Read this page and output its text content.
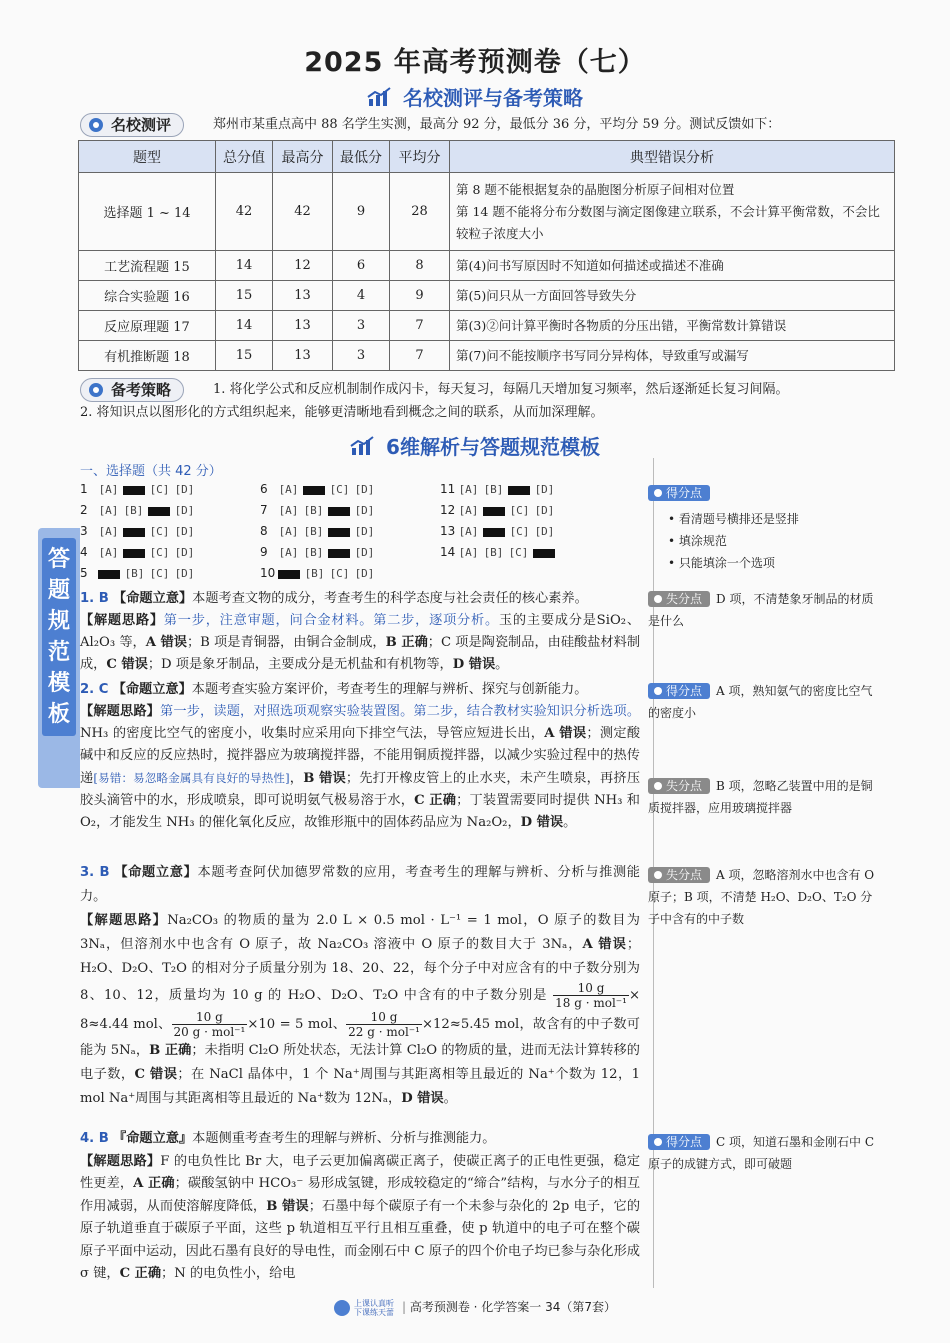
2025 年高考预测卷（七）
名校测评与备考策略
名校测评	郑州市某重点高中 88 名学生实测，最高分 92 分，最低分 36 分，平均分 59 分。测试反馈如下：
题型	总分值	最高分	最低分	平均分	典型错误分析
选择题 1 ~ 14	42	42	9	28	第 8 题不能根据复杂的晶胞图分析原子间相对位置
第 14 题不能将分布分数图与滴定图像建立联系，不会计算平衡常数，不会比较粒子浓度大小

工艺流程题 15	14	12	6	8	第(4)问书写原因时不知道如何描述或描述不准确
综合实验题 16	15	13	4	9	第(5)问只从一方面回答导致失分
反应原理题 17	14	13	3	7	第(3)②问计算平衡时各物质的分压出错，平衡常数计算错误
有机推断题 18	15	13	3	7	第(7)问不能按顺序书写同分异构体，导致重写或漏写
备考策略	1. 将化学公式和反应机制制作成闪卡，每天复习，每隔几天增加复习频率，然后逐渐延长复习间隔。
2. 将知识点以图形化的方式组织起来，能够更清晰地看到概念之间的联系，从而加深理解。
6维解析与答题规范模板
答题规范模板
一、选择题（共 42 分）
1 [A]	[C] [D]	6 [A]	[C] [D]	11 [A] [B]	[D]
2 [A] [B]	[D]	7 [A] [B]	[D]	12 [A]	[C] [D]
3 [A]	[C] [D]	8 [A] [B]	[D]	13 [A]	[C] [D]
4 [A]	[C] [D]	9 [A] [B]	[D]	14 [A] [B] [C]
5	[B] [C] [D]	10	[B] [C] [D]
得分点
• 看清题号横排还是竖排
• 填涂规范
• 只能填涂一个选项
1. B 【命题立意】本题考查文物的成分，考查考生的科学态度与社会责任的核心素养。
【解题思路】第一步，注意审题，问合金材料。第二步，逐项分析。玉的主要成分是SiO₂、Al₂O₃ 等，A 错误；B 项是青铜器，由铜合金制成，B 正确；C 项是陶瓷制品，由硅酸盐材料制成，C 错误；D 项是象牙制品，主要成分是无机盐和有机物等，D 错误。
失分点 D 项，不清楚象牙制品的材质是什么
2. C 【命题立意】本题考查实验方案评价，考查考生的理解与辨析、探究与创新能力。
【解题思路】第一步，读题，对照选项观察实验装置图。第二步，结合教材实验知识分析选项。NH₃ 的密度比空气的密度小，收集时应采用向下排空气法，导管应短进长出，A 错误；测定酸碱中和反应的反应热时，搅拌器应为玻璃搅拌器，不能用铜质搅拌器，以减少实验过程中的热传递[易错：易忽略金属具有良好的导热性]，B 错误；先打开橡皮管上的止水夹，未产生喷泉，再挤压胶头滴管中的水，形成喷泉，即可说明氨气极易溶于水，C 正确；丁装置需要同时提供 NH₃ 和 O₂，才能发生 NH₃ 的催化氧化反应，故锥形瓶中的固体药品应为 Na₂O₂，D 错误。
得分点 A 项，熟知氨气的密度比空气的密度小
失分点 B 项，忽略乙装置中用的是铜质搅拌器，应用玻璃搅拌器
3. B 【命题立意】本题考查阿伏加德罗常数的应用，考查考生的理解与辨析、分析与推测能力。
【解题思路】Na₂CO₃ 的物质的量为 2.0 L × 0.5 mol · L⁻¹ = 1 mol，O 原子的数目为 3Nₐ，但溶剂水中也含有 O 原子，故 Na₂CO₃ 溶液中 O 原子的数目大于 3Nₐ，A 错误；H₂O、D₂O、T₂O 的相对分子质量分别为 18、20、22，每个分子中对应含有的中子数分别为 8、10、12，质量均为 10 g 的 H₂O、D₂O、T₂O 中含有的中子数分别是 $\frac{10 g}{\text{18 g · mol⁻¹}} \times 8\approx 4.44$ mol、 $\frac{10 g}{\text{20 g · mol⁻¹}} \times 10 = 5$ mol、 $\frac{10 g}{\text{22 g · mol⁻¹}} \times 12\approx 5.45$ mol，故含有的中子数可能为 5Nₐ，B 正确；未指明 Cl₂O 所处状态，无法计算 Cl₂O 的物质的量，进而无法计算转移的电子数，C 错误；在 NaCl 晶体中，1 个 Na⁺周围与其距离相等且最近的 Na⁺个数为 12，1 mol Na⁺周围与其距离相等且最近的 Na⁺数为 12Nₐ，D 错误。
失分点 A 项，忽略溶剂水中也含有 O 原子；B 项，不清楚 H₂O、D₂O、T₂O 分子中含有的中子数
4. B 『命题立意』本题侧重考查考生的理解与辨析、分析与推测能力。
【解题思路】F 的电负性比 Br 大，电子云更加偏离碳正离子，使碳正离子的正电性更强，稳定性更差，A 正确；碳酸氢钠中 HCO₃⁻ 易形成氢键，形成较稳定的“缔合”结构，与水分子的相互作用减弱，从而使溶解度降低，B 错误；石墨中每个碳原子有一个未参与杂化的 2p 电子，它的原子轨道垂直于碳原子平面，这些 p 轨道相互平行且相互重叠，使 p 轨道中的电子可在整个碳原子平面中运动，因此石墨有良好的导电性，而金刚石中 C 原子的四个价电子均已参与杂化形成 σ 键，C 正确；N 的电负性小，给电
得分点 C 项，知道石墨和金刚石中 C 原子的成键方式，即可破题
上课认真听
下课练天蕾 | 高考预测卷 · 化学答案一 34（第7套）
